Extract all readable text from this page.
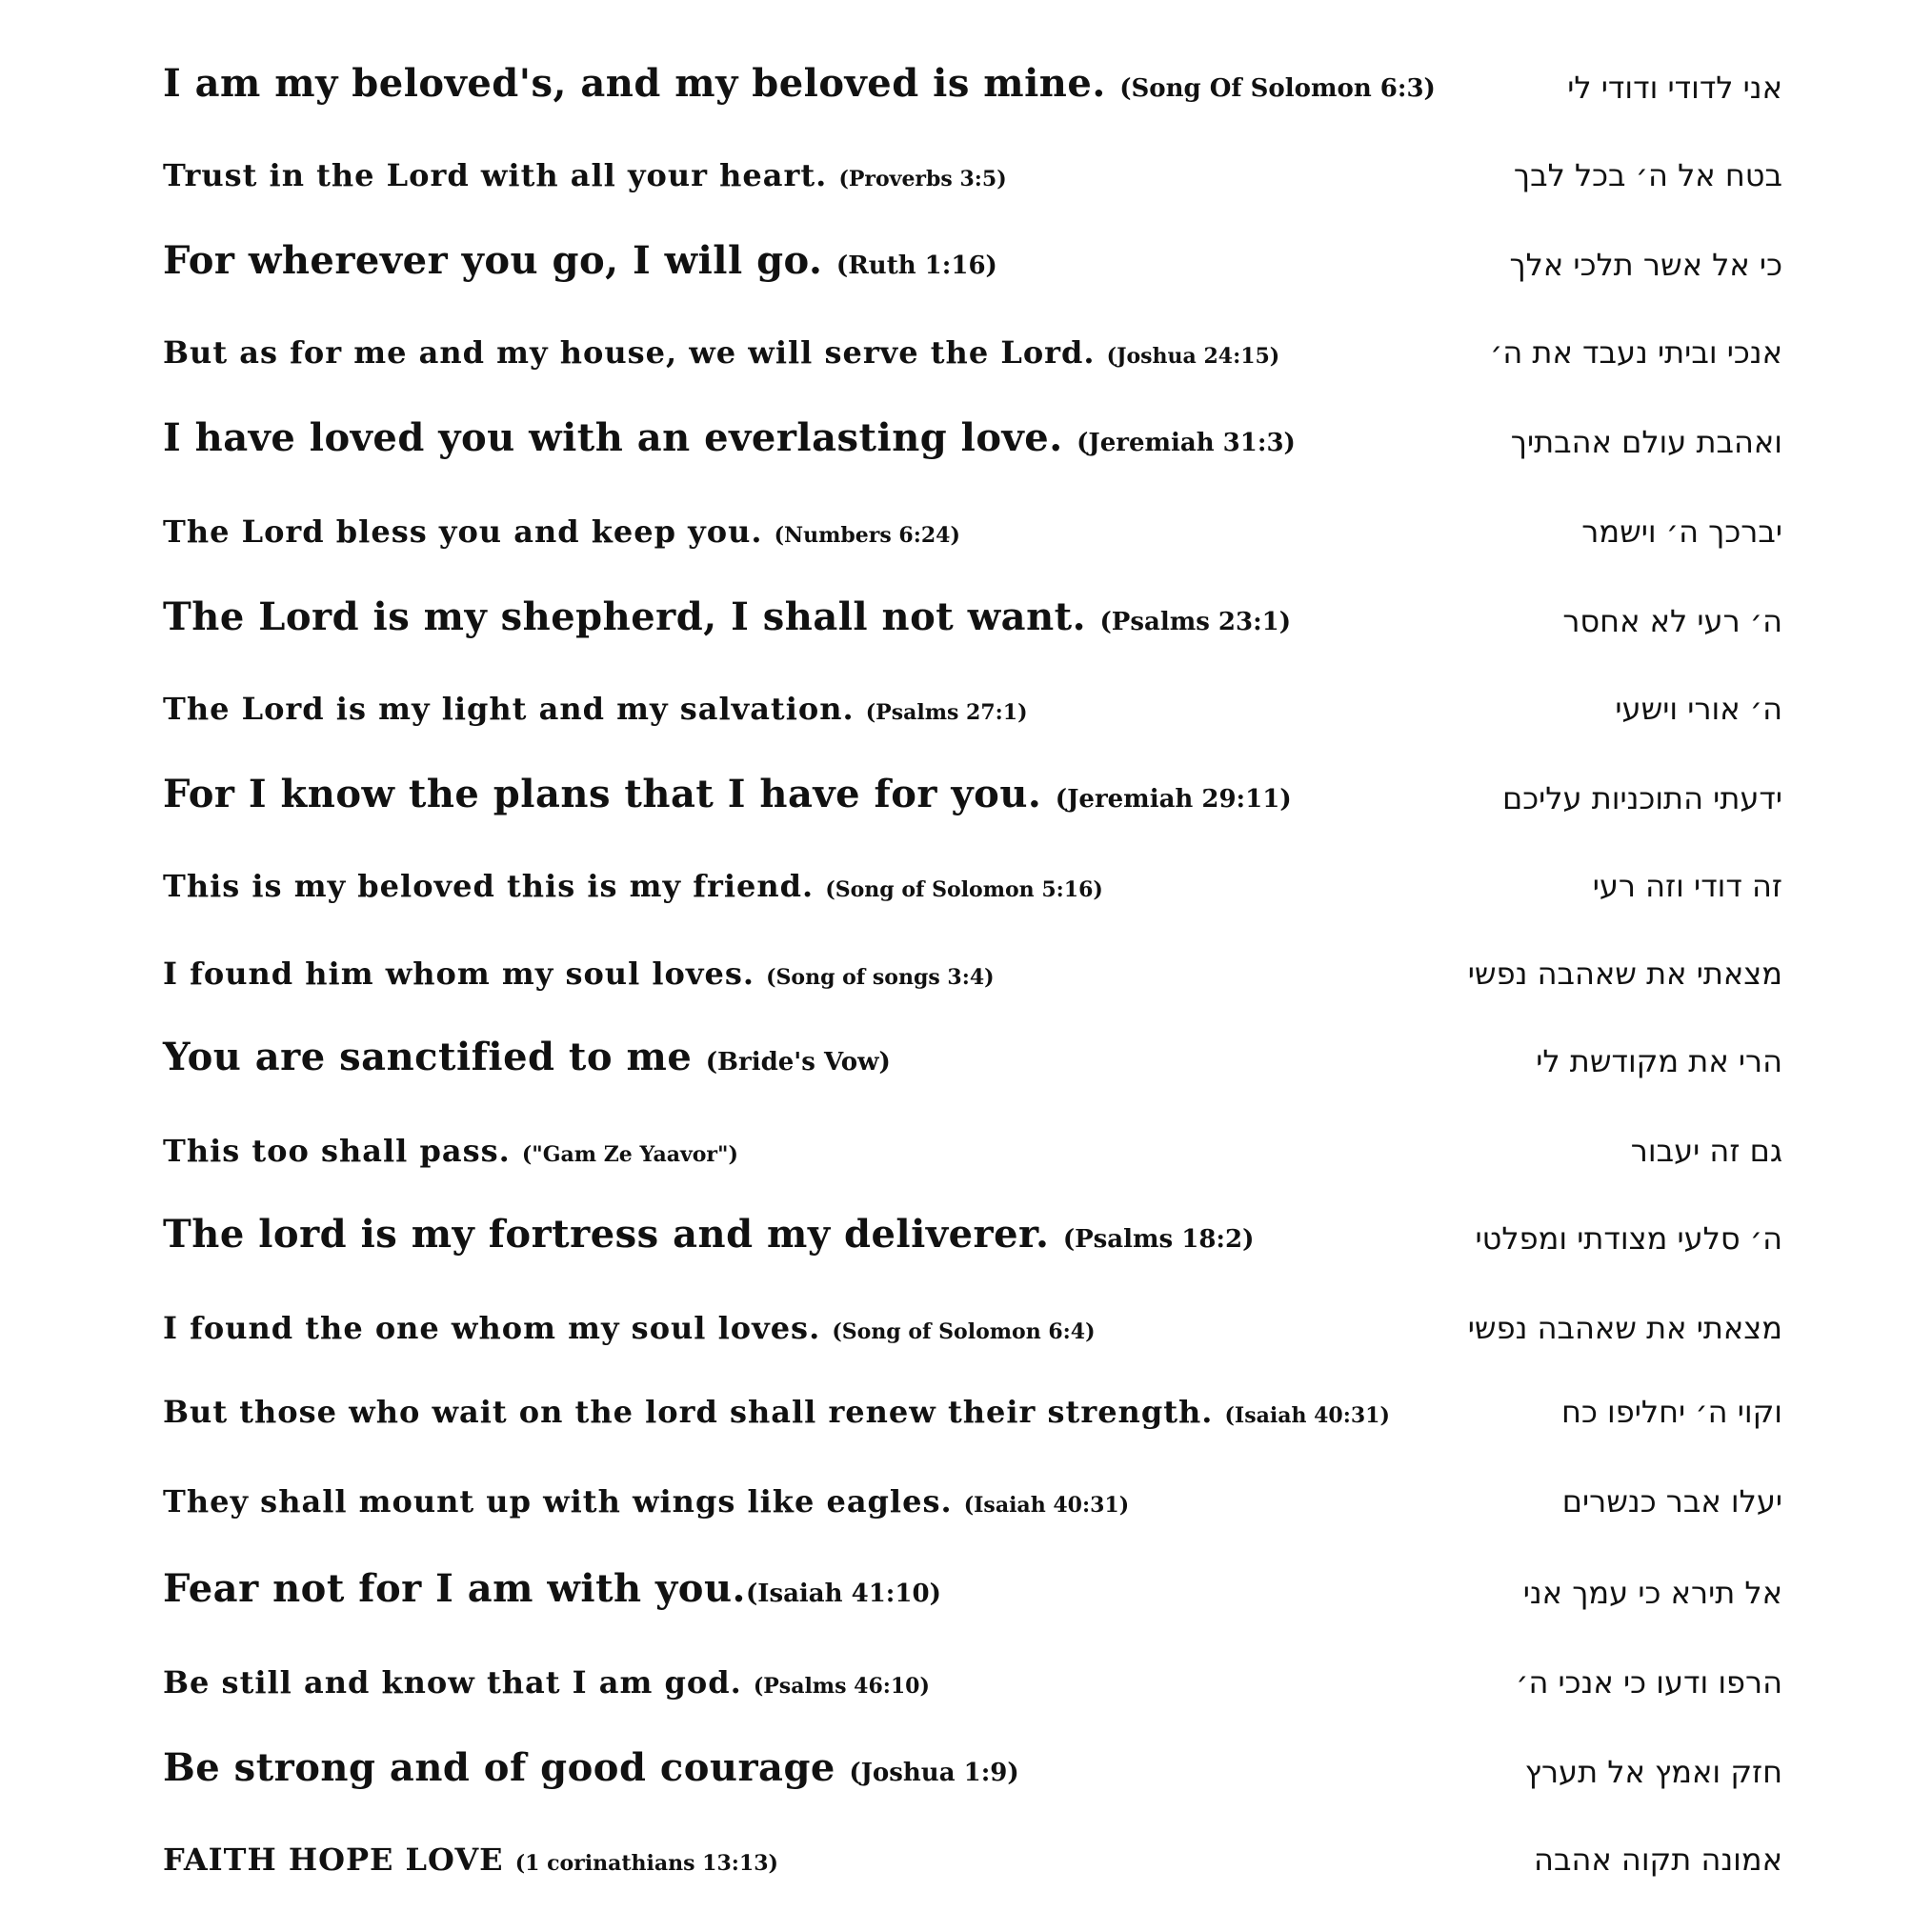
I am my beloved's, and my beloved is mine. (Song Of Solomon 6:3)	אני לדודי ודודי לי
Trust in the Lord with all your heart. (Proverbs 3:5)	בטח אל ה׳ בכל לבך
For wherever you go, I will go. (Ruth 1:16)	כי אל אשר תלכי אלך
But as for me and my house, we will serve the Lord. (Joshua 24:15)	אנכי וביתי נעבד את ה׳
I have loved you with an everlasting love. (Jeremiah 31:3)	ואהבת עולם אהבתיך
The Lord bless you and keep you. (Numbers 6:24)	יברכך ה׳ וישמר
The Lord is my shepherd, I shall not want. (Psalms 23:1)	ה׳ רעי לא אחסר
The Lord is my light and my salvation. (Psalms 27:1)	ה׳ אורי וישעי
For I know the plans that I have for you. (Jeremiah 29:11)	ידעתי התוכניות עליכם
This is my beloved this is my friend. (Song of Solomon 5:16)	זה דודי וזה רעי
I found him whom my soul loves. (Song of songs 3:4)	מצאתי את שאהבה נפשי
You are sanctified to me (Bride's Vow)	הרי את מקודשת לי
This too shall pass. ("Gam Ze Yaavor")	גם זה יעבור
The lord is my fortress and my deliverer. (Psalms 18:2)	ה׳ סלעי מצודתי ומפלטי
I found the one whom my soul loves. (Song of Solomon 6:4)	מצאתי את שאהבה נפשי
But those who wait on the lord shall renew their strength. (Isaiah 40:31)	וקוי ה׳ יחליפו כח
They shall mount up with wings like eagles. (Isaiah 40:31)	יעלו אבר כנשרים
Fear not for I am with you.(Isaiah 41:10)	אל תירא כי עמך אני
Be still and know that I am god. (Psalms 46:10)	הרפו ודעו כי אנכי ה׳
Be strong and of good courage (Joshua 1:9)	חזק ואמץ אל תערץ
FAITH HOPE LOVE (1 corinathians 13:13)	אמונה תקוה אהבה
